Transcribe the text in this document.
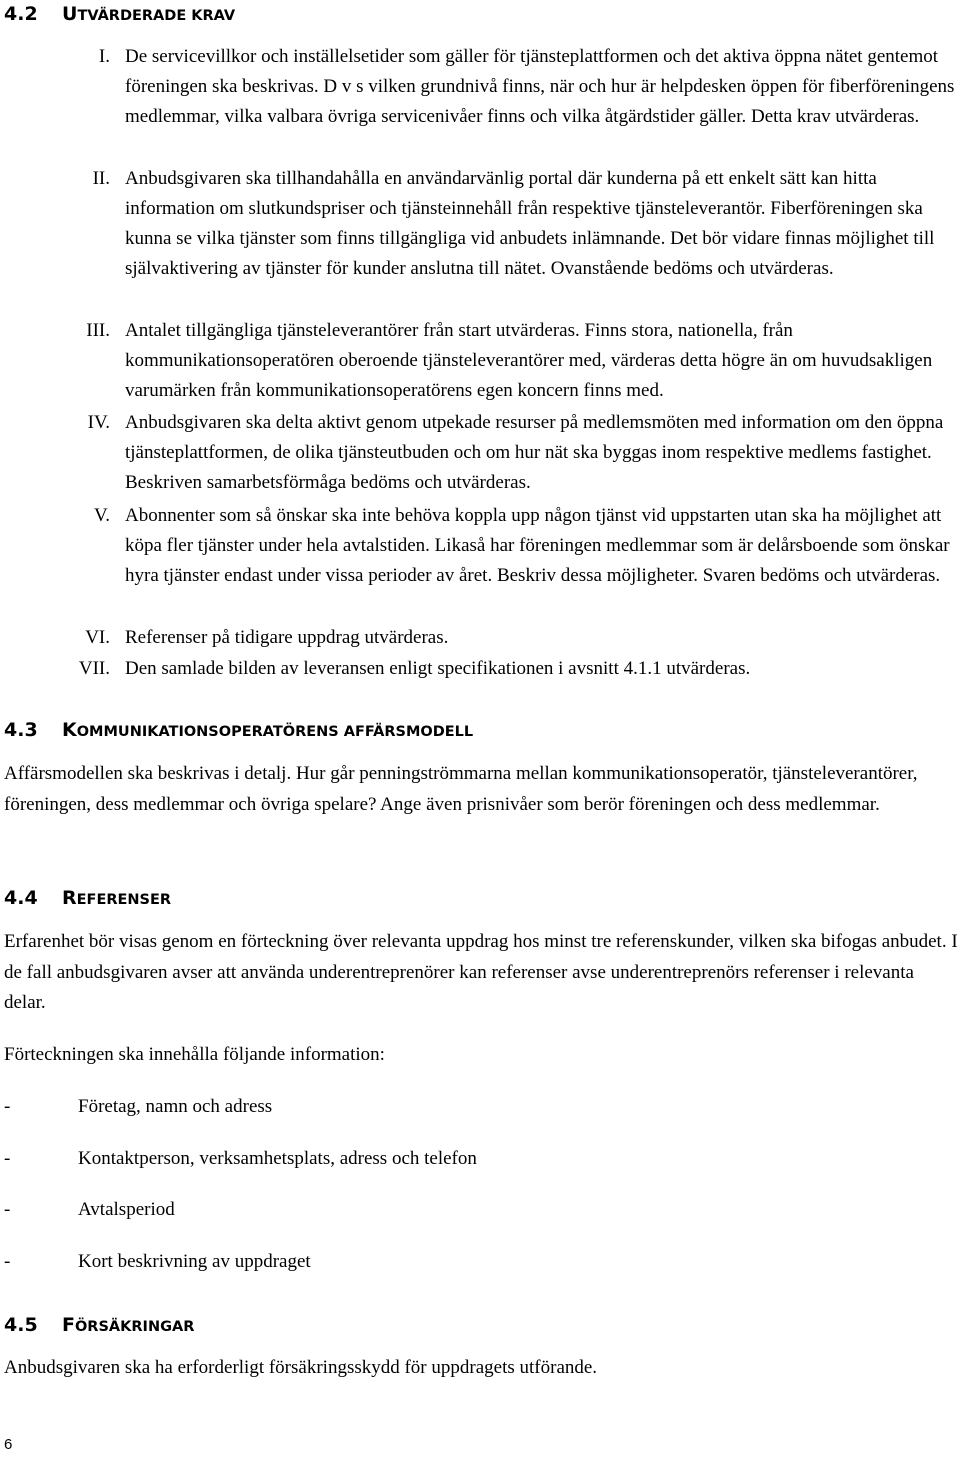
4.2 UTVÄRDERADE KRAV
I. De servicevillkor och inställelsetider som gäller för tjänsteplattformen och det aktiva öppna nätet gentemot föreningen ska beskrivas. D v s vilken grundnivå finns, när och hur är helpdesken öppen för fiberföreningens medlemmar, vilka valbara övriga servicenivåer finns och vilka åtgärdstider gäller. Detta krav utvärderas.
II. Anbudsgivaren ska tillhandahålla en användarvänlig portal där kunderna på ett enkelt sätt kan hitta information om slutkundspriser och tjänsteinnehåll från respektive tjänsteleverantör. Fiberföreningen ska kunna se vilka tjänster som finns tillgängliga vid anbudets inlämnande. Det bör vidare finnas möjlighet till självaktivering av tjänster för kunder anslutna till nätet. Ovanstående bedöms och utvärderas.
III. Antalet tillgängliga tjänsteleverantörer från start utvärderas. Finns stora, nationella, från kommunikationsoperatören oberoende tjänsteleverantörer med, värderas detta högre än om huvudsakligen varumärken från kommunikationsoperatörens egen koncern finns med.
IV. Anbudsgivaren ska delta aktivt genom utpekade resurser på medlemsmöten med information om den öppna tjänsteplattformen, de olika tjänsteutbuden och om hur nät ska byggas inom respektive medlems fastighet. Beskriven samarbetsförmåga bedöms och utvärderas.
V. Abonnenter som så önskar ska inte behöva koppla upp någon tjänst vid uppstarten utan ska ha möjlighet att köpa fler tjänster under hela avtalstiden. Likaså har föreningen medlemmar som är delårsboende som önskar hyra tjänster endast under vissa perioder av året. Beskriv dessa möjligheter. Svaren bedöms och utvärderas.
VI. Referenser på tidigare uppdrag utvärderas.
VII. Den samlade bilden av leveransen enligt specifikationen i avsnitt 4.1.1 utvärderas.
4.3 KOMMUNIKATIONSOPERATÖRENS AFFÄRSMODELL
Affärsmodellen ska beskrivas i detalj. Hur går penningströmmarna mellan kommunikationsoperatör, tjänsteleverantörer, föreningen, dess medlemmar och övriga spelare? Ange även prisnivåer som berör föreningen och dess medlemmar.
4.4 REFERENSER
Erfarenhet bör visas genom en förteckning över relevanta uppdrag hos minst tre referenskunder, vilken ska bifogas anbudet. I de fall anbudsgivaren avser att använda underentreprenörer kan referenser avse underentreprenörs referenser i relevanta delar.
Förteckningen ska innehålla följande information:
-	Företag, namn och adress
-	Kontaktperson, verksamhetsplats, adress och telefon
-	Avtalsperiod
-	Kort beskrivning av uppdraget
4.5 FÖRSÄKRINGAR
Anbudsgivaren ska ha erforderligt försäkringsskydd för uppdragets utförande.
6
